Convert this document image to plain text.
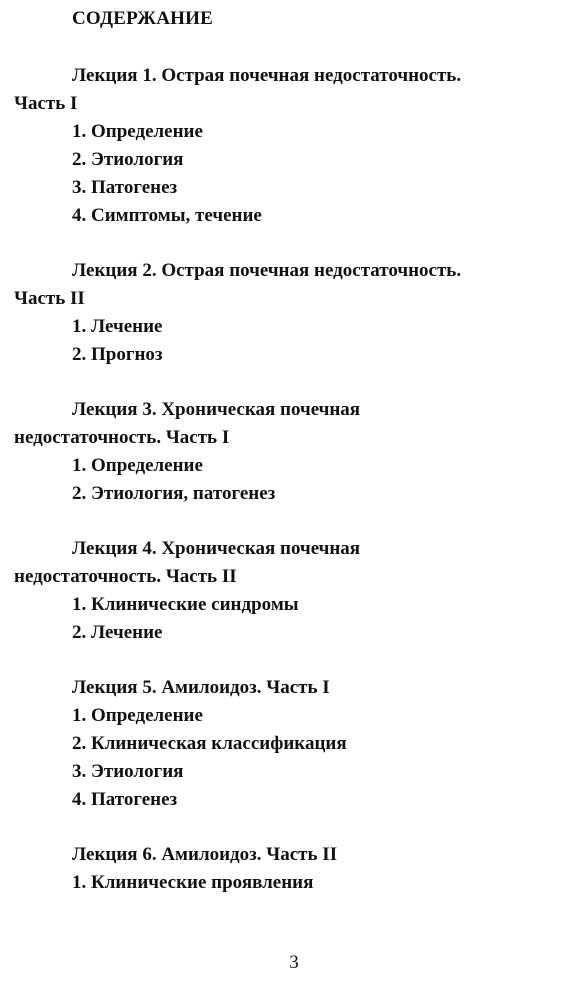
СОДЕРЖАНИЕ
Лекция 1. Острая почечная недостаточность.
Часть I
1. Определение
2. Этиология
3. Патогенез
4. Симптомы, течение
Лекция 2. Острая почечная недостаточность.
Часть II
1. Лечение
2. Прогноз
Лекция 3. Хроническая почечная
недостаточность. Часть I
1. Определение
2. Этиология, патогенез
Лекция 4. Хроническая почечная
недостаточность. Часть II
1. Клинические синдромы
2. Лечение
Лекция 5. Амилоидоз. Часть I
1. Определение
2. Клиническая классификация
3. Этиология
4. Патогенез
Лекция 6. Амилоидоз. Часть II
1. Клинические проявления
3
